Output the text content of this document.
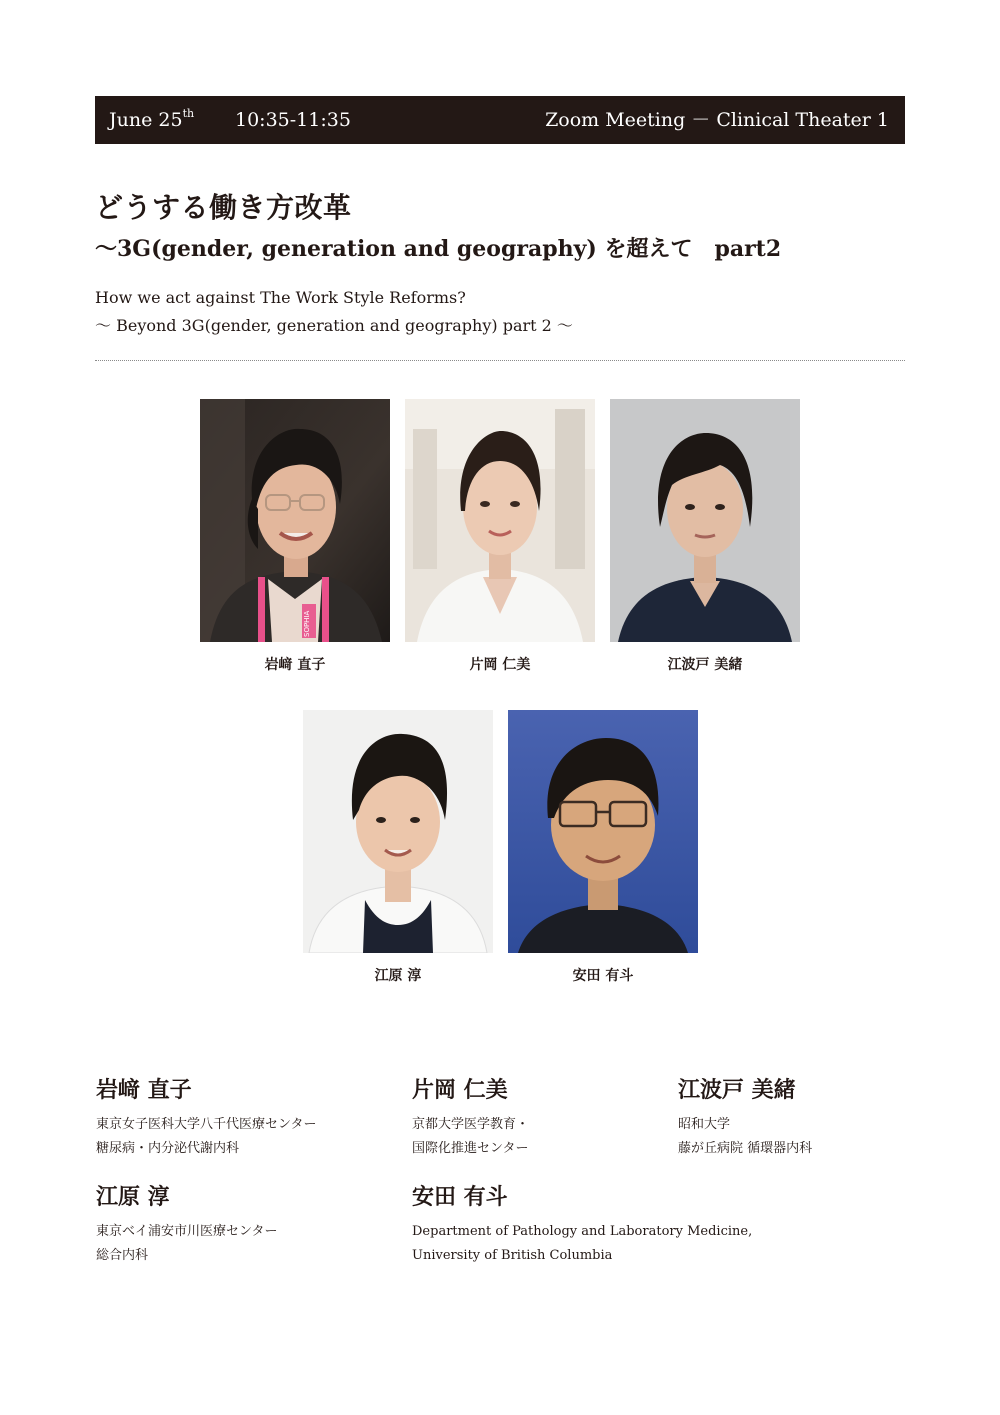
June 25th 10:35-11:35	Zoom Meeting － Clinical Theater 1
どうする働き方改革
〜3G(gender, generation and geography) を超えて　part2
How we act against The Work Style Reforms?
〜 Beyond 3G(gender, generation and geography) part 2 〜
SOPHIA
岩﨑 直子	片岡 仁美	江波戸 美緒
江原 淳	安田 有斗
岩﨑 直子
東京女子医科大学八千代医療センター
糖尿病・内分泌代謝内科
片岡 仁美
京都大学医学教育・
国際化推進センター
江波戸 美緒
昭和大学
藤が丘病院 循環器内科
江原 淳
東京ベイ浦安市川医療センター
総合内科
安田 有斗
Department of Pathology and Laboratory Medicine,
University of British Columbia
